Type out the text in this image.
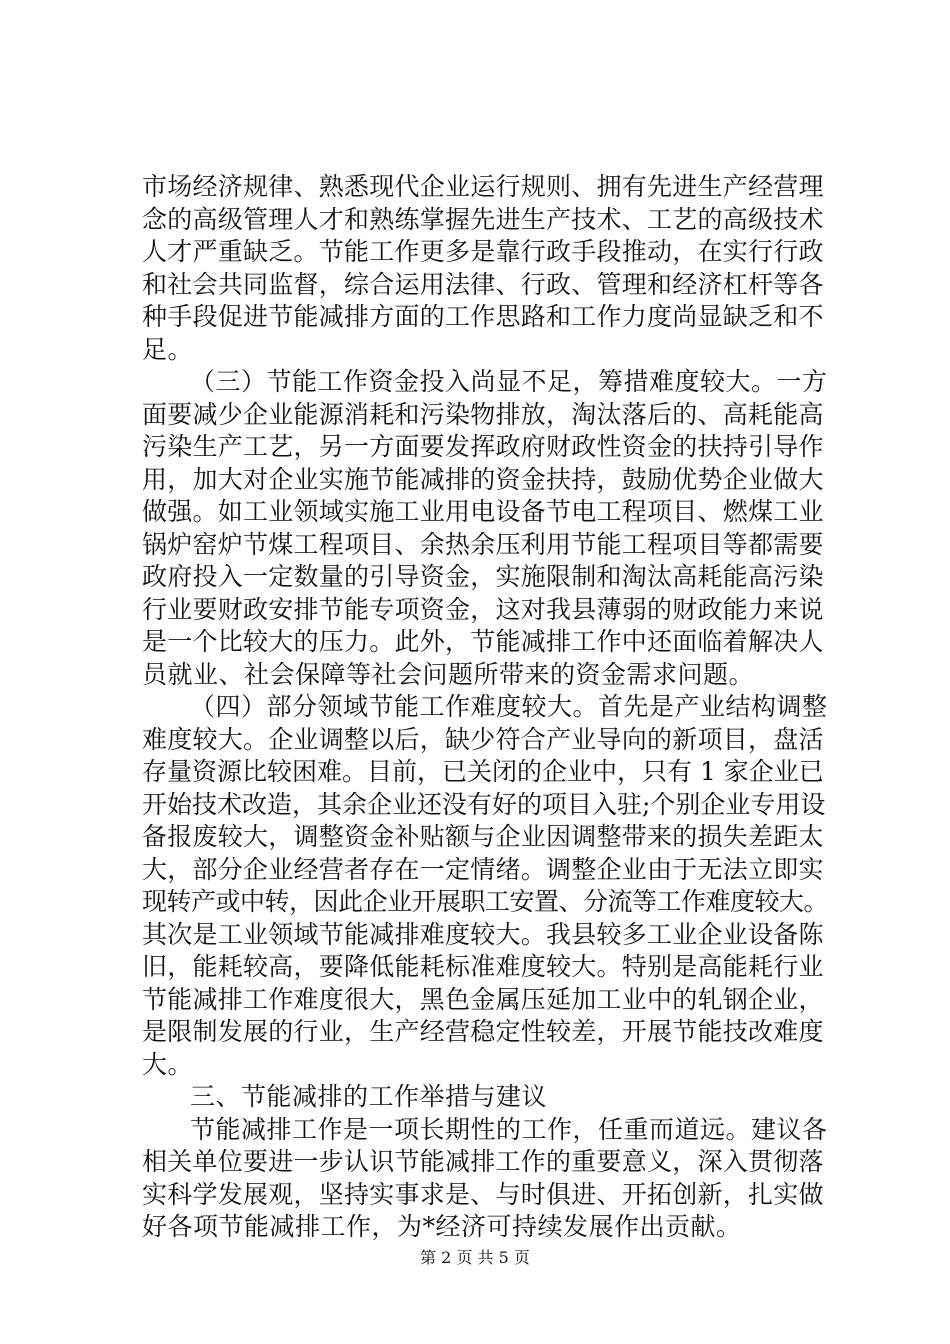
市场经济规律、熟悉现代企业运行规则、拥有先进生产经营理
念的高级管理人才和熟练掌握先进生产技术、工艺的高级技术
人才严重缺乏。节能工作更多是靠行政手段推动，在实行行政
和社会共同监督，综合运用法律、行政、管理和经济杠杆等各
种手段促进节能减排方面的工作思路和工作力度尚显缺乏和不
足。
（三）节能工作资金投入尚显不足，筹措难度较大。一方
面要减少企业能源消耗和污染物排放，淘汰落后的、高耗能高
污染生产工艺，另一方面要发挥政府财政性资金的扶持引导作
用，加大对企业实施节能减排的资金扶持，鼓励优势企业做大
做强。如工业领域实施工业用电设备节电工程项目、燃煤工业
锅炉窑炉节煤工程项目、余热余压利用节能工程项目等都需要
政府投入一定数量的引导资金，实施限制和淘汰高耗能高污染
行业要财政安排节能专项资金，这对我县薄弱的财政能力来说
是一个比较大的压力。此外，节能减排工作中还面临着解决人
员就业、社会保障等社会问题所带来的资金需求问题。
（四）部分领域节能工作难度较大。首先是产业结构调整
难度较大。企业调整以后，缺少符合产业导向的新项目，盘活
存量资源比较困难。目前，已关闭的企业中，只有 1 家企业已
开始技术改造，其余企业还没有好的项目入驻;个别企业专用设
备报废较大，调整资金补贴额与企业因调整带来的损失差距太
大，部分企业经营者存在一定情绪。调整企业由于无法立即实
现转产或中转，因此企业开展职工安置、分流等工作难度较大。
其次是工业领域节能减排难度较大。我县较多工业企业设备陈
旧，能耗较高，要降低能耗标准难度较大。特别是高能耗行业
节能减排工作难度很大，黑色金属压延加工业中的轧钢企业，
是限制发展的行业，生产经营稳定性较差，开展节能技改难度
大。
三、节能减排的工作举措与建议
节能减排工作是一项长期性的工作，任重而道远。建议各
相关单位要进一步认识节能减排工作的重要意义，深入贯彻落
实科学发展观，坚持实事求是、与时俱进、开拓创新，扎实做
好各项节能减排工作，为*经济可持续发展作出贡献。
第 2 页 共 5 页
